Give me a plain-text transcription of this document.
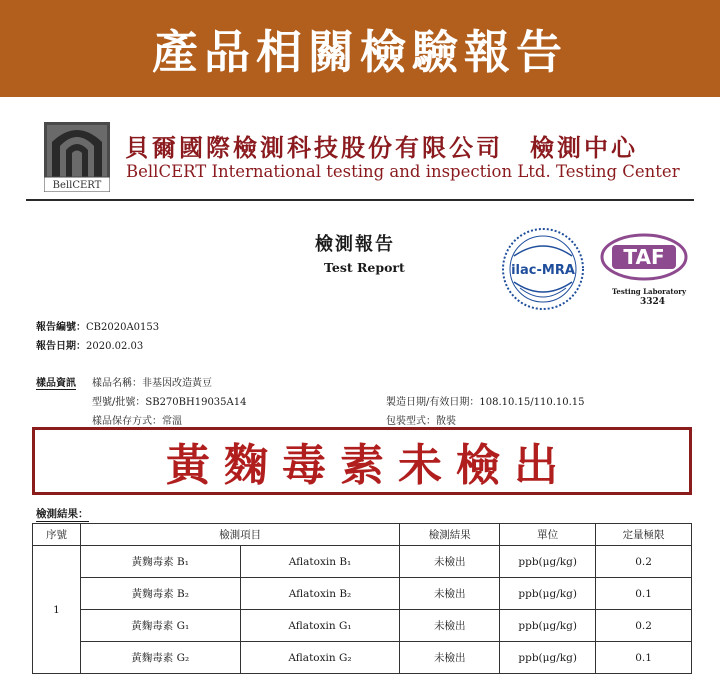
產品相關檢驗報告
BellCERT
貝爾國際檢測科技股份有限公司　檢測中心
BellCERT International testing and inspection Ltd. Testing Center
檢測報告
Test Report	ilac-MRA
TAF
Testing Laboratory
3324
報告編號：CB2020A0153
報告日期：2020.02.03
樣品資訊 樣品名稱：非基因改造黃豆
型號/批號：SB270BH19035A14
樣品保存方式：常溫
製造日期/有效日期：108.10.15/110.10.15
包裝型式：散裝
黃麴毒素未檢出
檢測結果：
序號	檢測項目		檢測結果	單位	定量極限
1	黃麴毒素 B₁	Aflatoxin B₁	未檢出	ppb(μg/kg)	0.2
	黃麴毒素 B₂	Aflatoxin B₂	未檢出	ppb(μg/kg)	0.1
	黃麴毒素 G₁	Aflatoxin G₁	未檢出	ppb(μg/kg)	0.2
	黃麴毒素 G₂	Aflatoxin G₂	未檢出	ppb(μg/kg)	0.1
